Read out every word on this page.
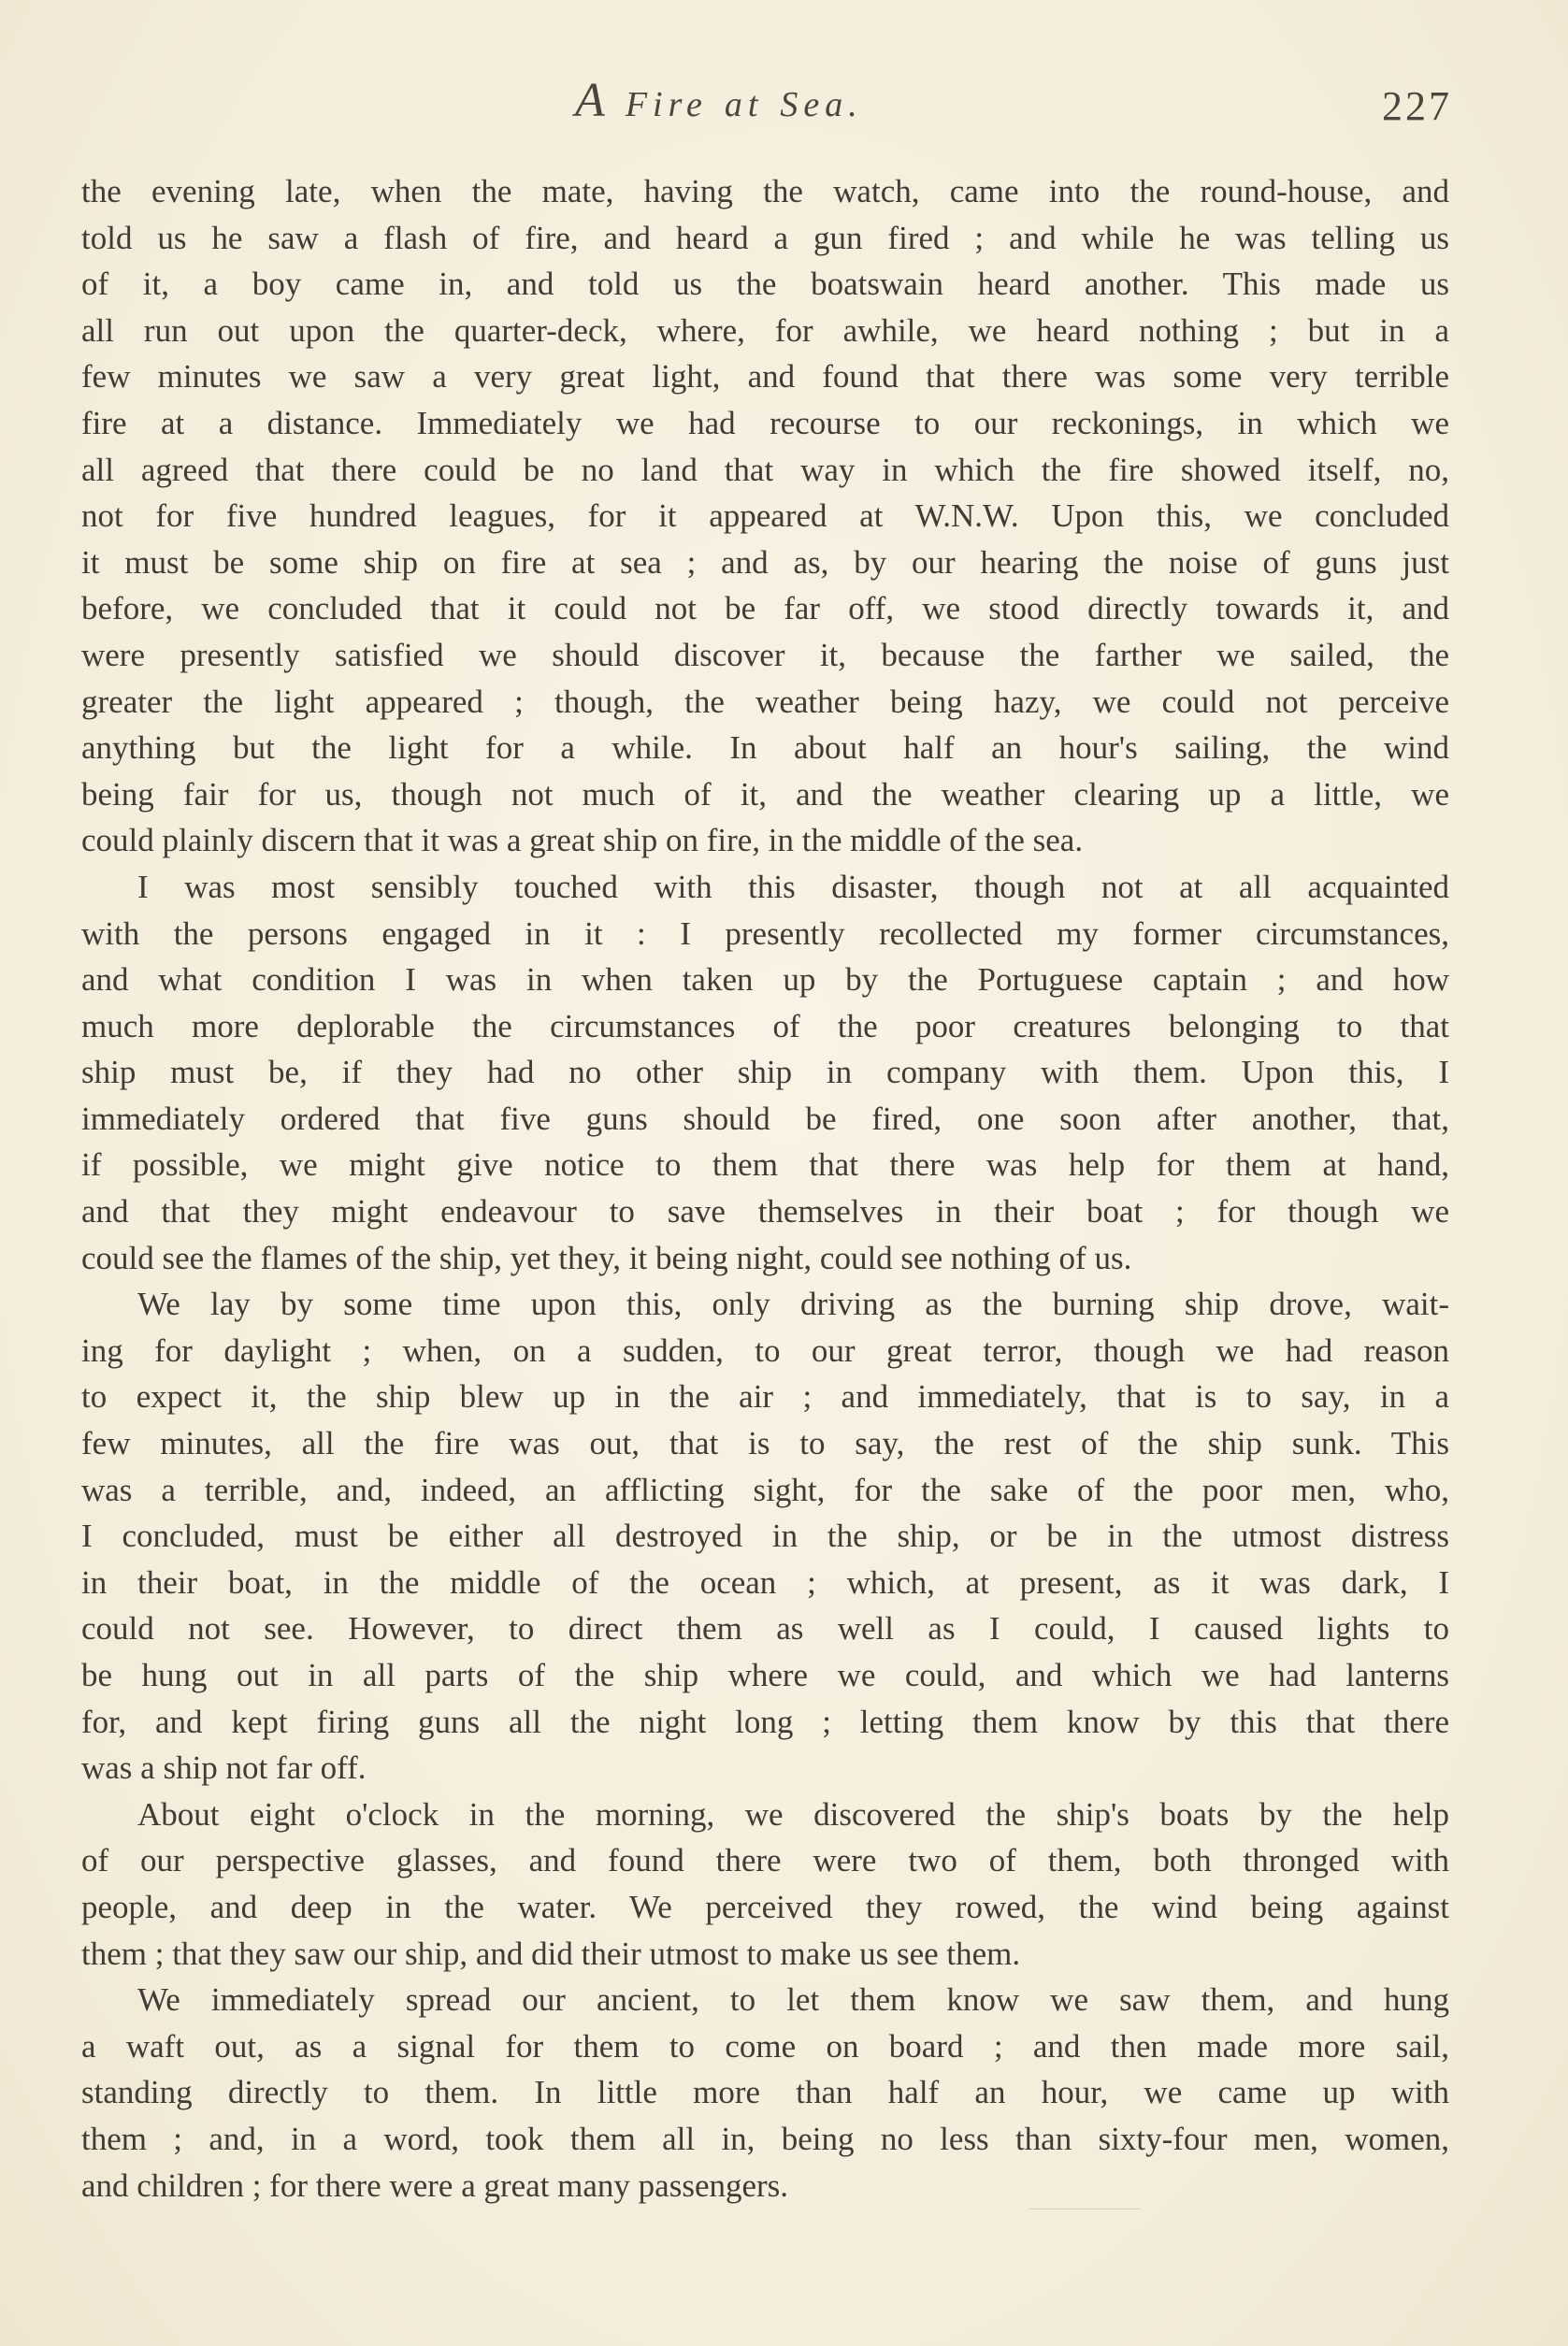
A Fire at Sea.	227
the evening late, when the mate, having the watch, came into the round-house, and
told us he saw a flash of fire, and heard a gun fired ; and while he was telling us
of it, a boy came in, and told us the boatswain heard another. This made us
all run out upon the quarter-deck, where, for awhile, we heard nothing ; but in a
few minutes we saw a very great light, and found that there was some very terrible
fire at a distance. Immediately we had recourse to our reckonings, in which we
all agreed that there could be no land that way in which the fire showed itself, no,
not for five hundred leagues, for it appeared at W.N.W. Upon this, we concluded
it must be some ship on fire at sea ; and as, by our hearing the noise of guns just
before, we concluded that it could not be far off, we stood directly towards it, and
were presently satisfied we should discover it, because the farther we sailed, the
greater the light appeared ; though, the weather being hazy, we could not perceive
anything but the light for a while. In about half an hour's sailing, the wind
being fair for us, though not much of it, and the weather clearing up a little, we
could plainly discern that it was a great ship on fire, in the middle of the sea.
I was most sensibly touched with this disaster, though not at all acquainted
with the persons engaged in it : I presently recollected my former circumstances,
and what condition I was in when taken up by the Portuguese captain ; and how
much more deplorable the circumstances of the poor creatures belonging to that
ship must be, if they had no other ship in company with them. Upon this, I
immediately ordered that five guns should be fired, one soon after another, that,
if possible, we might give notice to them that there was help for them at hand,
and that they might endeavour to save themselves in their boat ; for though we
could see the flames of the ship, yet they, it being night, could see nothing of us.
We lay by some time upon this, only driving as the burning ship drove, wait-
ing for daylight ; when, on a sudden, to our great terror, though we had reason
to expect it, the ship blew up in the air ; and immediately, that is to say, in a
few minutes, all the fire was out, that is to say, the rest of the ship sunk. This
was a terrible, and, indeed, an afflicting sight, for the sake of the poor men, who,
I concluded, must be either all destroyed in the ship, or be in the utmost distress
in their boat, in the middle of the ocean ; which, at present, as it was dark, I
could not see. However, to direct them as well as I could, I caused lights to
be hung out in all parts of the ship where we could, and which we had lanterns
for, and kept firing guns all the night long ; letting them know by this that there
was a ship not far off.
About eight o'clock in the morning, we discovered the ship's boats by the help
of our perspective glasses, and found there were two of them, both thronged with
people, and deep in the water. We perceived they rowed, the wind being against
them ; that they saw our ship, and did their utmost to make us see them.
We immediately spread our ancient, to let them know we saw them, and hung
a waft out, as a signal for them to come on board ; and then made more sail,
standing directly to them. In little more than half an hour, we came up with
them ; and, in a word, took them all in, being no less than sixty-four men, women,
and children ; for there were a great many passengers.
